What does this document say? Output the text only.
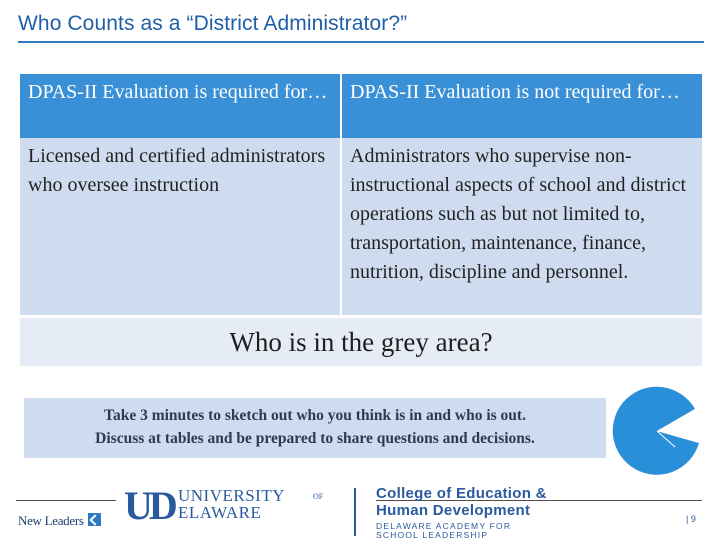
Who Counts as a “District Administrator?”
DPAS-II Evaluation is required for…	DPAS-II Evaluation is not required for…
Licensed and certified administrators who oversee instruction
Administrators who supervise non-instructional aspects of school and district operations such as but not limited to, transportation, maintenance, finance, nutrition, discipline and personnel.
Who is in the grey area?
Take 3 minutes to sketch out who you think is in and who is out.
Discuss at tables and be prepared to share questions and decisions.
New Leaders UD UNIVERSITY	OF
ELAWARE
College of Education &
Human Development
DELAWARE ACADEMY FOR
SCHOOL LEADERSHIP
| 9
